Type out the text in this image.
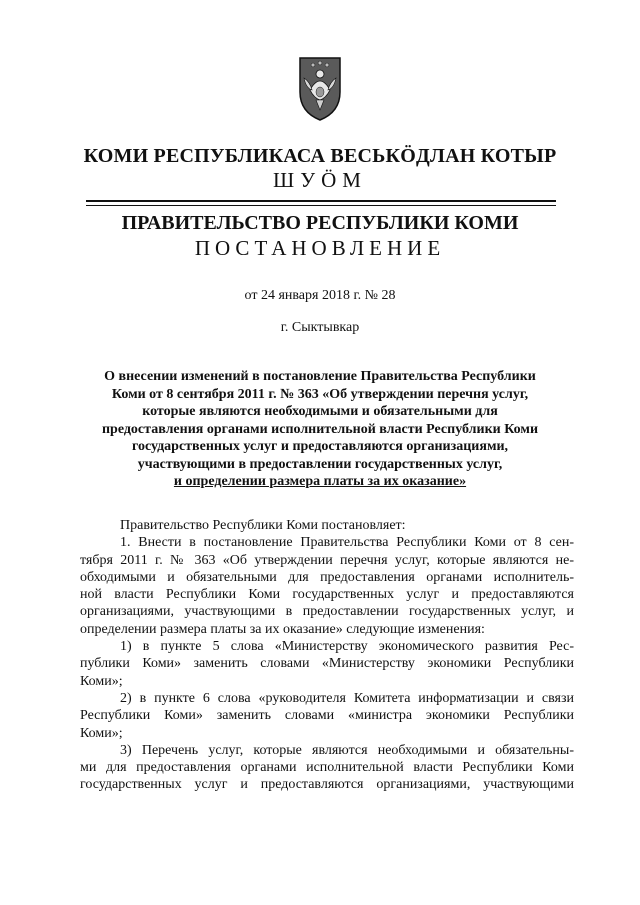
КОМИ РЕСПУБЛИКАСА ВЕСЬКӦДЛАН КОТЫР
ШУӦМ
ПРАВИТЕЛЬСТВО РЕСПУБЛИКИ КОМИ
ПОСТАНОВЛЕНИЕ
от 24 января 2018 г. № 28
г. Сыктывкар
О внесении изменений в постановление Правительства Республики
Коми от 8 сентября 2011 г. № 363 «Об утверждении перечня услуг,
которые являются необходимыми и обязательными для
предоставления органами исполнительной власти Республики Коми
государственных услуг и предоставляются организациями,
участвующими в предоставлении государственных услуг,
и определении размера платы за их оказание»
Правительство Республики Коми постановляет:
1. Внести в постановление Правительства Республики Коми от 8 сен-
тября 2011 г. № 363 «Об утверждении перечня услуг, которые являются не-
обходимыми и обязательными для предоставления органами исполнитель-
ной власти Республики Коми государственных услуг и предоставляются
организациями, участвующими в предоставлении государственных услуг, и
определении размера платы за их оказание» следующие изменения:
1) в пункте 5 слова «Министерству экономического развития Рес-
публики Коми» заменить словами «Министерству экономики Республики
Коми»;
2) в пункте 6 слова «руководителя Комитета информатизации и связи
Республики Коми» заменить словами «министра экономики Республики
Коми»;
3) Перечень услуг, которые являются необходимыми и обязательны-
ми для предоставления органами исполнительной власти Республики Коми
государственных услуг и предоставляются организациями, участвующими
